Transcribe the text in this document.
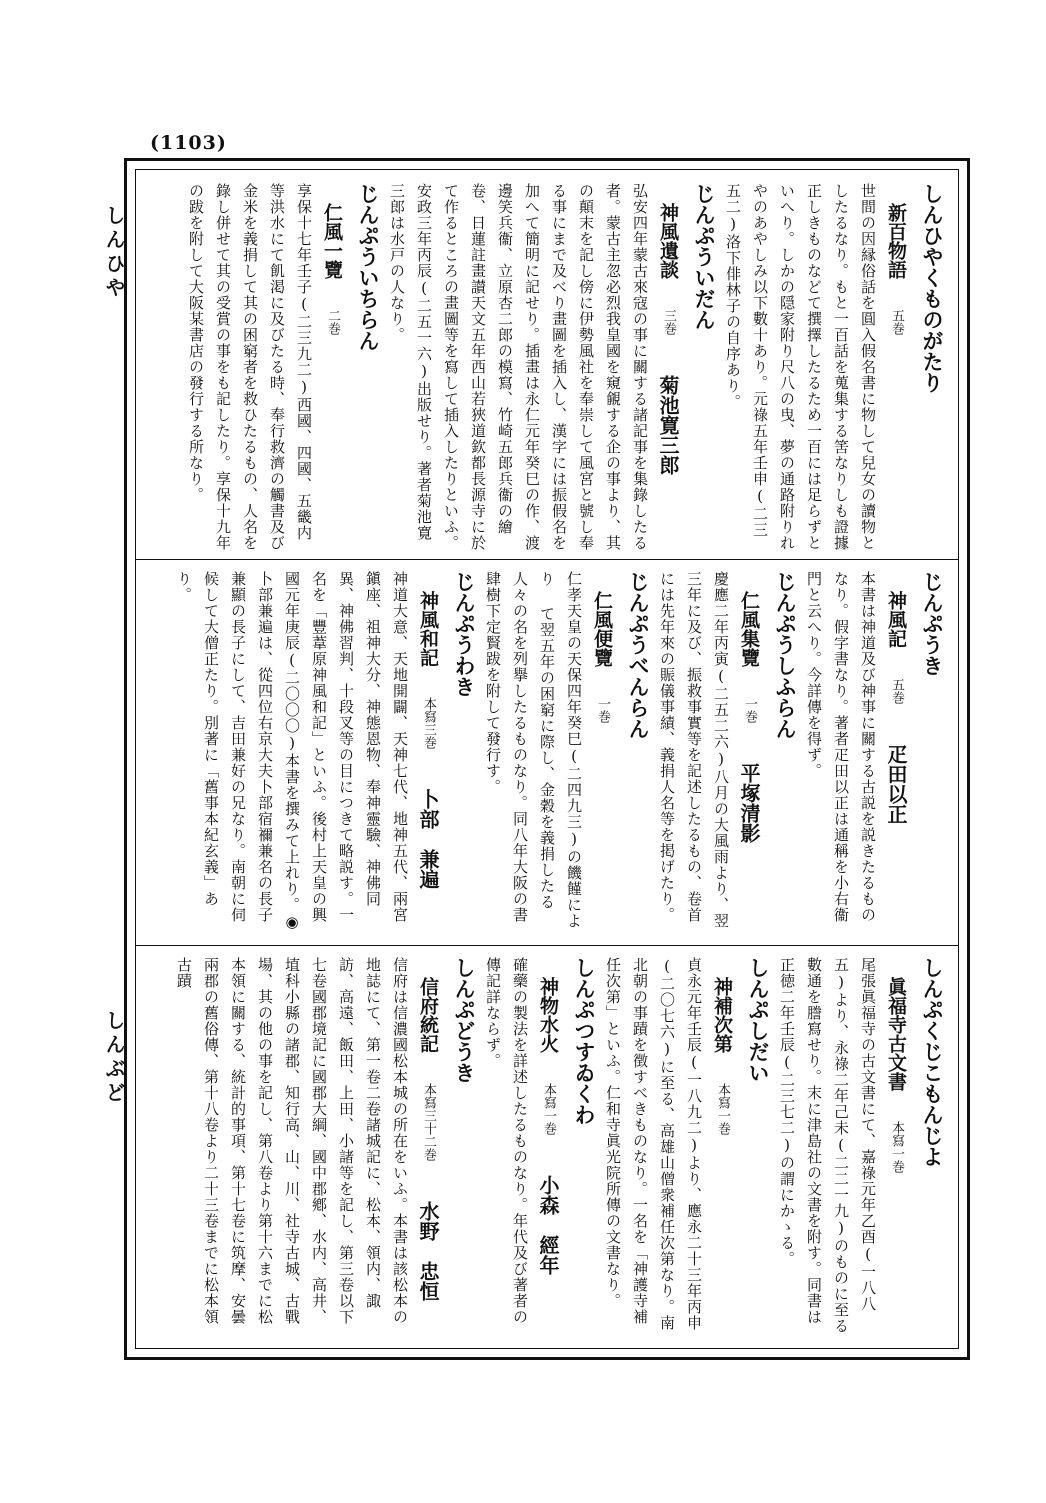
(1103)
しんひや
しんぶど
しんひやくものがたり
新百物語五巻
世間の因縁俗話を圓入假名書に物して兒女の讀物としたるなり。もと一百話を蒐集する筈なりしも證據正しきものなどて撰擇したるため一百には足らずといへり。しかの隠家附り尺八の曳、夢の通路附りれやのあやしみ以下數十あり。元祿五年壬申(二三五二)洛下俳林子の自序あり。
じんぷういだん
神風遺談三巻菊池寛三郎
弘安四年蒙古來寇の事に關する諸記事を集錄したる者。蒙古主忽必烈我皇國を窺覦する企の事より、其の顛末を記し傍に伊勢風社を奉崇して風宮と號し奉る事にまで及べり畫圖を插入し、漢字には振假名を加へて簡明に記せり。插畫は永仁元年癸巳の作、渡邊笑兵衞、立原杏二郎の模寫、竹崎五郎兵衞の繪卷、日蓮註畫讃天文五年西山若狹道欽都長源寺に於て作るところの畫圖等を寫して插入したりといふ。安政三年丙辰(二五一六)出版せり。著者菊池寛三郎は水戸の人なり。
じんぷういちらん
仁風一覽二巻
享保十七年壬子(二三九二)西國、四國、五畿内等洪水にて飢渇に及びたる時、奉行救濟の觸書及び金米を義捐して其の困窮者を救ひたるもの、人名を錄し併せて其の受賞の事をも記したり。享保十九年の跋を附して大阪某書店の發行する所なり。
じんぷうき
神風記五巻疋田以正
本書は神道及び神事に關する古説を説きたるものなり。假字書なり。著者疋田以正は通稱を小右衞門と云へり。今詳傳を得ず。
じんぷうしふらん
仁風集覽一巻平塚清影
慶應二年丙寅(二五二六)八月の大風雨より、翌三年に及び、振救事實等を記述したるもの、卷首には先年來の賑儀事績、義捐人名等を掲げたり。
じんぷうべんらん
仁風便覽一巻
仁孝天皇の天保四年癸巳(二四九三)の饑饉により て翌五年の困窮に際し、金穀を義捐したる人々の名を列擧したるものなり。同八年大阪の書肆樹下定賢跋を附して發行す。
じんぷうわき
神風和記本寫三巻卜部　兼遍
神道大意、天地開闢、天神七代、地神五代、兩宮鎭座、祖神大分、神態恩物、奉神靈驗、神佛同異、神佛習判、十段叉等の目につきて略説す。一名を「豐葦原神風和記」といふ。後村上天皇の興國元年庚辰(二〇〇〇)本書を撰みて上れり。◉卜部兼遍は、從四位右京大夫卜部宿禰兼名の長子兼顯の長子にして、吉田兼好の兄なり。南朝に伺候して大僧正たり。別著に「舊事本紀玄義」あり。
しんぷくじこもんじよ
眞福寺古文書本寫一巻
尾張眞福寺の古文書にて、嘉祿元年乙酉(一八八五)より、永祿二年己未(二二一九)のものに至る數通を謄寫せり。末に津島社の文書を附す。同書は正徳二年壬辰(二三七二)の謂にかゝる。
しんぷしだい
神補次第本寫一巻
貞永元年壬辰(一八九二)より、應永二十三年丙申(二〇七六)に至る、高雄山僧衆補任次第なり。南北朝の事蹟を徴すべきものなり。一名を「神護寺補任次第」といふ。仁和寺眞光院所傳の文書なり。
しんぷつすゐくわ
神物水火本寫一巻小森　經年
確藥の製法を詳述したるものなり。年代及び著者の傳記詳ならず。
しんぷどうき
信府統記本寫三十二巻水野　忠恒
信府は信濃國松本城の所在をいふ。本書は該松本の地誌にて、第一卷二卷諸城記に、松本、領内、諏訪、高遠、飯田、上田、小諸等を記し、第三卷以下七卷國郡境記に國郡大綱、國中郡鄕、水内、高井、埴科小縣の諸郡、知行高、山、川、社寺古城、古戰場、其の他の事を記し、第八卷より第十六までに松本領に關する、統計的事項、第十七卷に筑摩、安曇兩郡の舊俗傳、第十八卷より二十三卷までに松本領古蹟
